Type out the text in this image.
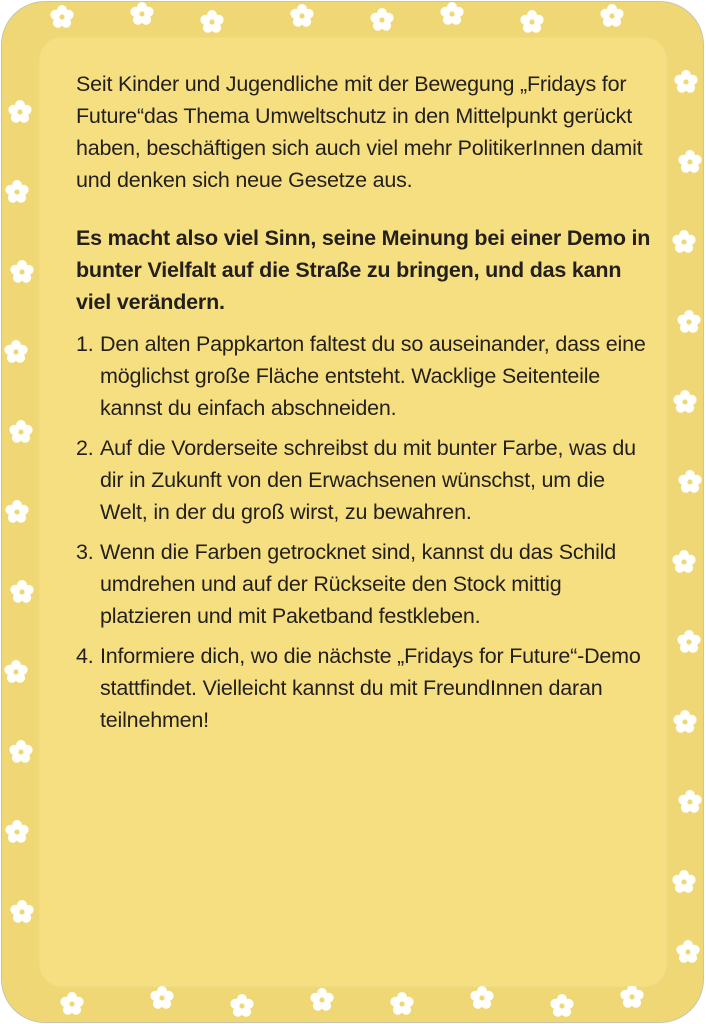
Seit Kinder und Jugendliche mit der Bewegung „Fridays for Future“das Thema Umweltschutz in den Mittelpunkt gerückt haben, beschäftigen sich auch viel mehr PolitikerInnen damit und denken sich neue Gesetze aus.

Es macht also viel Sinn, seine Meinung bei einer Demo in bunter Vielfalt auf die Straße zu bringen, und das kann viel verändern.

1. Den alten Pappkarton faltest du so auseinander, dass eine möglichst große Fläche entsteht. Wacklige Seitenteile kannst du einfach abschneiden.
2. Auf die Vorderseite schreibst du mit bunter Farbe, was du dir in Zukunft von den Erwachsenen wünschst, um die Welt, in der du groß wirst, zu bewahren.
3. Wenn die Farben getrocknet sind, kannst du das Schild umdrehen und auf der Rückseite den Stock mittig platzieren und mit Paketband festkleben.
4. Informiere dich, wo die nächste „Fridays for Future“-Demo stattfindet. Vielleicht kannst du mit FreundInnen daran teilnehmen!
